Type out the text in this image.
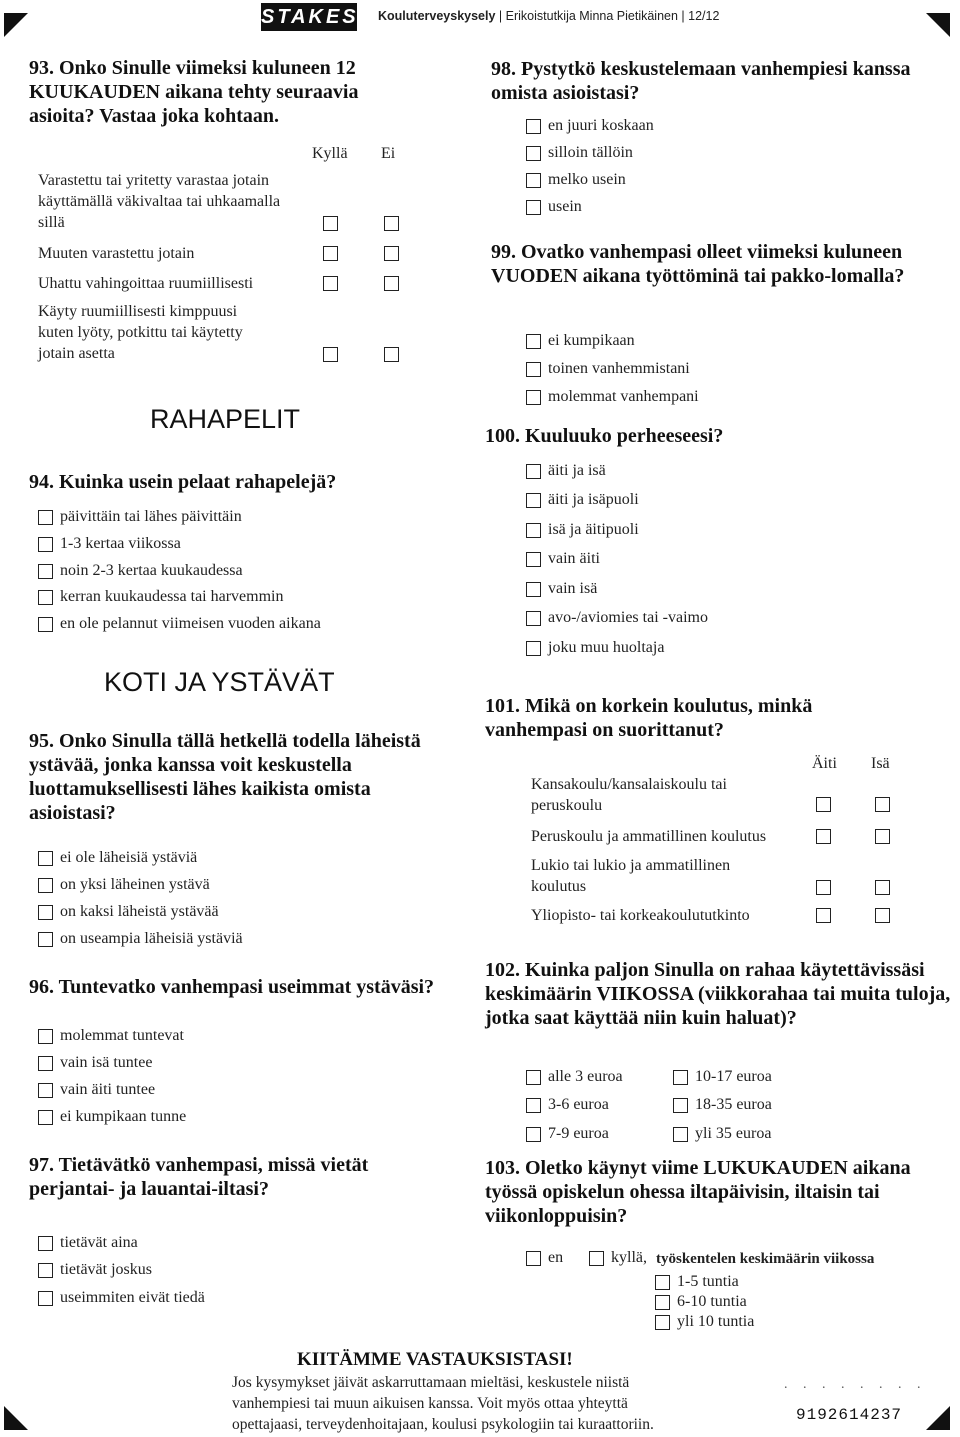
STAKES Kouluterveyskysely | Erikoistutkija Minna Pietikäinen | 12/12
93. Onko Sinulle viimeksi kuluneen 12 KUUKAUDEN aikana tehty seuraavia asioita? Vastaa joka kohtaan.
Kyllä Ei
Varastettu tai yritetty varastaa jotain käyttämällä väkivaltaa tai uhkaamalla sillä
Muuten varastettu jotain
Uhattu vahingoittaa ruumiillisesti
Käyty ruumiillisesti kimppuusi kuten lyöty, potkittu tai käytetty jotain asetta
RAHAPELIT
94. Kuinka usein pelaat rahapelejä?
päivittäin tai lähes päivittäin
1-3 kertaa viikossa
noin 2-3 kertaa kuukaudessa
kerran kuukaudessa tai harvemmin
en ole pelannut viimeisen vuoden aikana
KOTI JA YSTÄVÄT
95. Onko Sinulla tällä hetkellä todella läheistä ystävää, jonka kanssa voit keskustella luottamuksellisesti lähes kaikista omista asioistasi?
ei ole läheisiä ystäviä
on yksi läheinen ystävä
on kaksi läheistä ystävää
on useampia läheisiä ystäviä
96. Tuntevatko vanhempasi useimmat ystäväsi?
molemmat tuntevat
vain isä tuntee
vain äiti tuntee
ei kumpikaan tunne
97. Tietävätkö vanhempasi, missä vietät perjantai- ja lauantai-iltasi?
tietävät aina
tietävät joskus
useimmiten eivät tiedä
98. Pystytkö keskustelemaan vanhempiesi kanssa omista asioistasi?
en juuri koskaan
silloin tällöin
melko usein
usein
99. Ovatko vanhempasi olleet viimeksi kuluneen VUODEN aikana työttöminä tai pakko-lomalla?
ei kumpikaan
toinen vanhemmistani
molemmat vanhempani
100. Kuuluuko perheeseesi?
äiti ja isä
äiti ja isäpuoli
isä ja äitipuoli
vain äiti
vain isä
avo-/aviomies tai -vaimo
joku muu huoltaja
101. Mikä on korkein koulutus, minkä vanhempasi on suorittanut?
Äiti Isä
Kansakoulu/kansalaiskoulu tai peruskoulu
Peruskoulu ja ammatillinen koulutus
Lukio tai lukio ja ammatillinen koulutus
Yliopisto- tai korkeakoulututkinto
102. Kuinka paljon Sinulla on rahaa käytettävissäsi keskimäärin VIIKOSSA (viikkorahaa tai muita tuloja, jotka saat käyttää niin kuin haluat)?
alle 3 euroa
3-6 euroa
7-9 euroa
10-17 euroa
18-35 euroa
yli 35 euroa
103. Oletko käynyt viime LUKUKAUDEN aikana työssä opiskelun ohessa iltapäivisin, iltaisin tai viikonloppuisin?
en	kyllä, työskentelen keskimäärin viikossa
1-5 tuntia
6-10 tuntia
yli 10 tuntia
KIITÄMME VASTAUKSISTASI!
Jos kysymykset jäivät askarruttamaan mieltäsi, keskustele niistä
vanhempiesi tai muun aikuisen kanssa. Voit myös ottaa yhteyttä
opettajaasi, terveydenhoitajaan, koulusi psykologiin tai kuraattoriin.
. . . . . . . .
9192614237
